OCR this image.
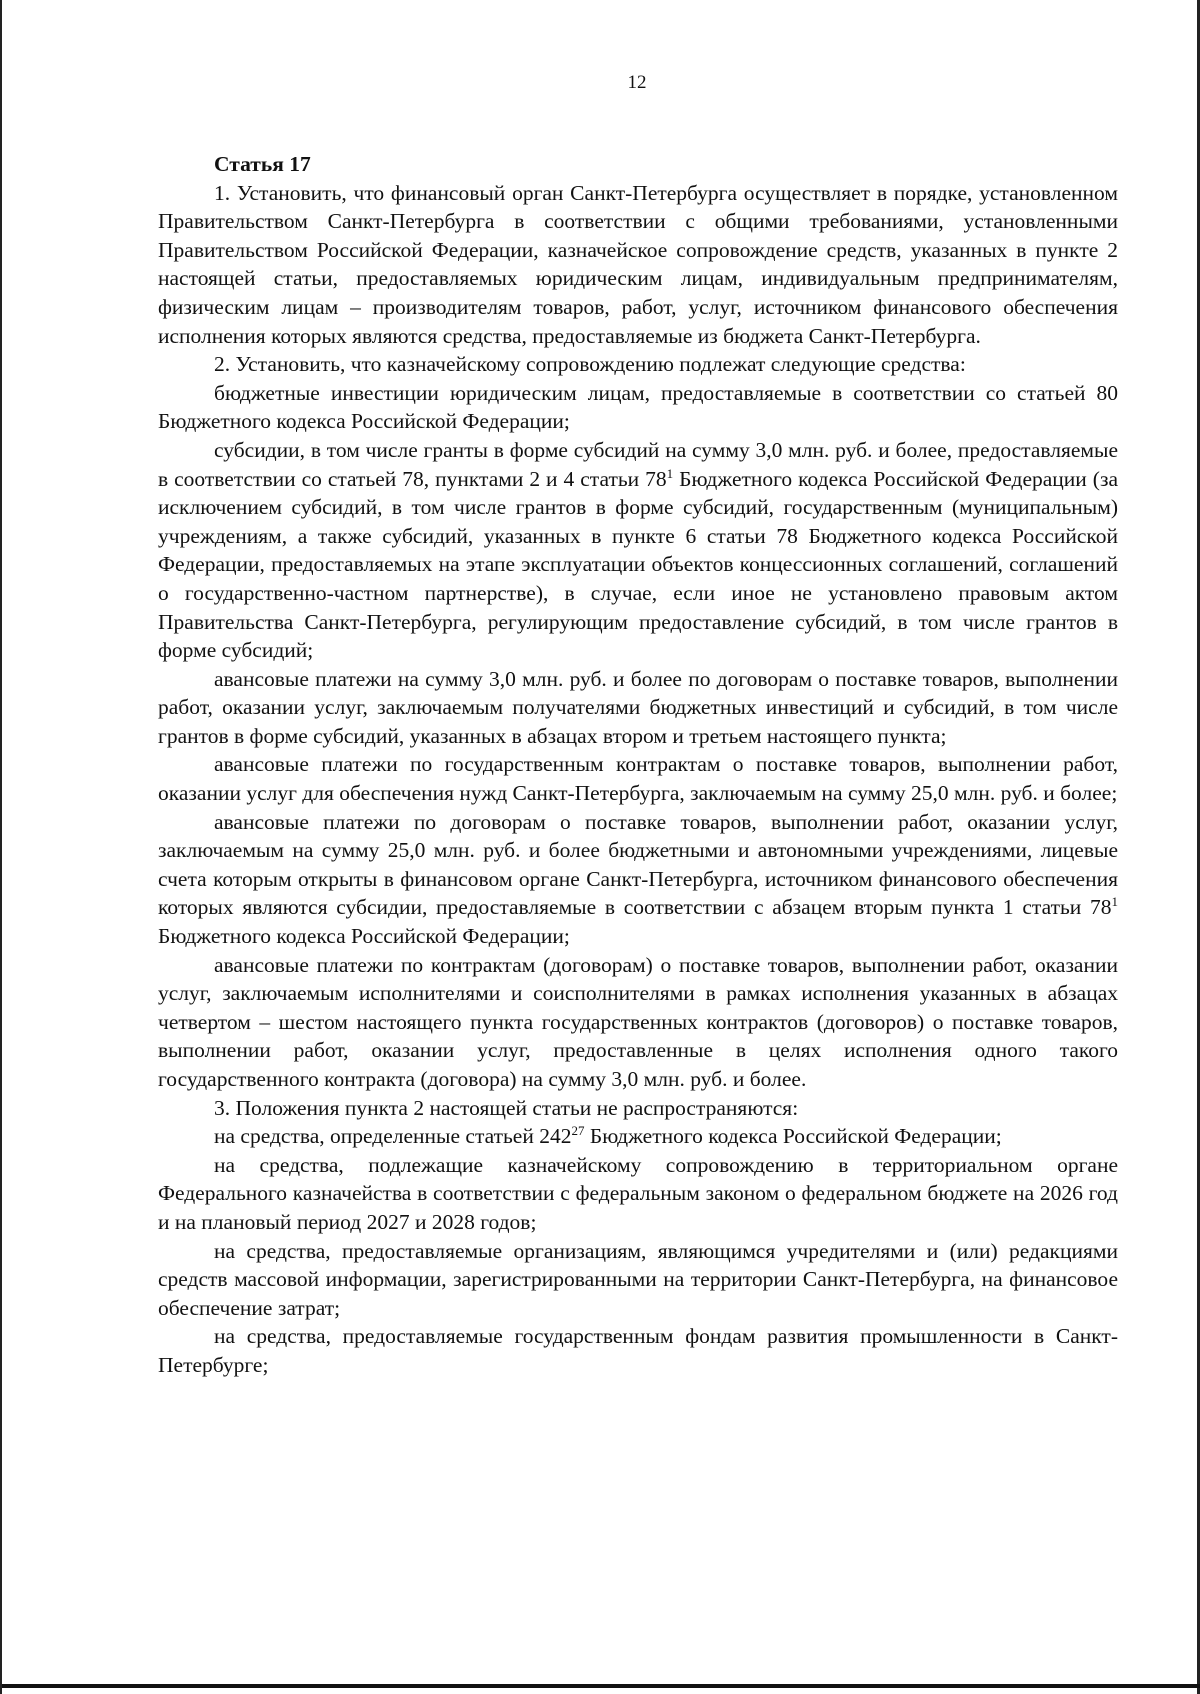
12
Статья 17

1. Установить, что финансовый орган Санкт-Петербурга осуществляет в порядке, установленном Правительством Санкт-Петербурга в соответствии с общими требованиями, установленными Правительством Российской Федерации, казначейское сопровождение средств, указанных в пункте 2 настоящей статьи, предоставляемых юридическим лицам, индивидуальным предпринимателям, физическим лицам – производителям товаров, работ, услуг, источником финансового обеспечения исполнения которых являются средства, предоставляемые из бюджета Санкт-Петербурга.

2. Установить, что казначейскому сопровождению подлежат следующие средства:

бюджетные инвестиции юридическим лицам, предоставляемые в соответствии со статьей 80 Бюджетного кодекса Российской Федерации;

субсидии, в том числе гранты в форме субсидий на сумму 3,0 млн. руб. и более, предоставляемые в соответствии со статьей 78, пунктами 2 и 4 статьи $78^1$ Бюджетного кодекса Российской Федерации (за исключением субсидий, в том числе грантов в форме субсидий, государственным (муниципальным) учреждениям, а также субсидий, указанных в пункте 6 статьи 78 Бюджетного кодекса Российской Федерации, предоставляемых на этапе эксплуатации объектов концессионных соглашений, соглашений о государственно-частном партнерстве), в случае, если иное не установлено правовым актом Правительства Санкт-Петербурга, регулирующим предоставление субсидий, в том числе грантов в форме субсидий;

авансовые платежи на сумму 3,0 млн. руб. и более по договорам о поставке товаров, выполнении работ, оказании услуг, заключаемым получателями бюджетных инвестиций и субсидий, в том числе грантов в форме субсидий, указанных в абзацах втором и третьем настоящего пункта;

авансовые платежи по государственным контрактам о поставке товаров, выполнении работ, оказании услуг для обеспечения нужд Санкт-Петербурга, заключаемым на сумму 25,0 млн. руб. и более;

авансовые платежи по договорам о поставке товаров, выполнении работ, оказании услуг, заключаемым на сумму 25,0 млн. руб. и более бюджетными и автономными учреждениями, лицевые счета которым открыты в финансовом органе Санкт-Петербурга, источником финансового обеспечения которых являются субсидии, предоставляемые в соответствии с абзацем вторым пункта 1 статьи $78^1$ Бюджетного кодекса Российской Федерации;

авансовые платежи по контрактам (договорам) о поставке товаров, выполнении работ, оказании услуг, заключаемым исполнителями и соисполнителями в рамках исполнения указанных в абзацах четвертом – шестом настоящего пункта государственных контрактов (договоров) о поставке товаров, выполнении работ, оказании услуг, предоставленные в целях исполнения одного такого государственного контракта (договора) на сумму 3,0 млн. руб. и более.

3. Положения пункта 2 настоящей статьи не распространяются:

на средства, определенные статьей $242^{27}$ Бюджетного кодекса Российской Федерации;

на средства, подлежащие казначейскому сопровождению в территориальном органе Федерального казначейства в соответствии с федеральным законом о федеральном бюджете на 2026 год и на плановый период 2027 и 2028 годов;

на средства, предоставляемые организациям, являющимся учредителями и (или) редакциями средств массовой информации, зарегистрированными на территории Санкт-Петербурга, на финансовое обеспечение затрат;

на средства, предоставляемые государственным фондам развития промышленности в Санкт-Петербурге;
